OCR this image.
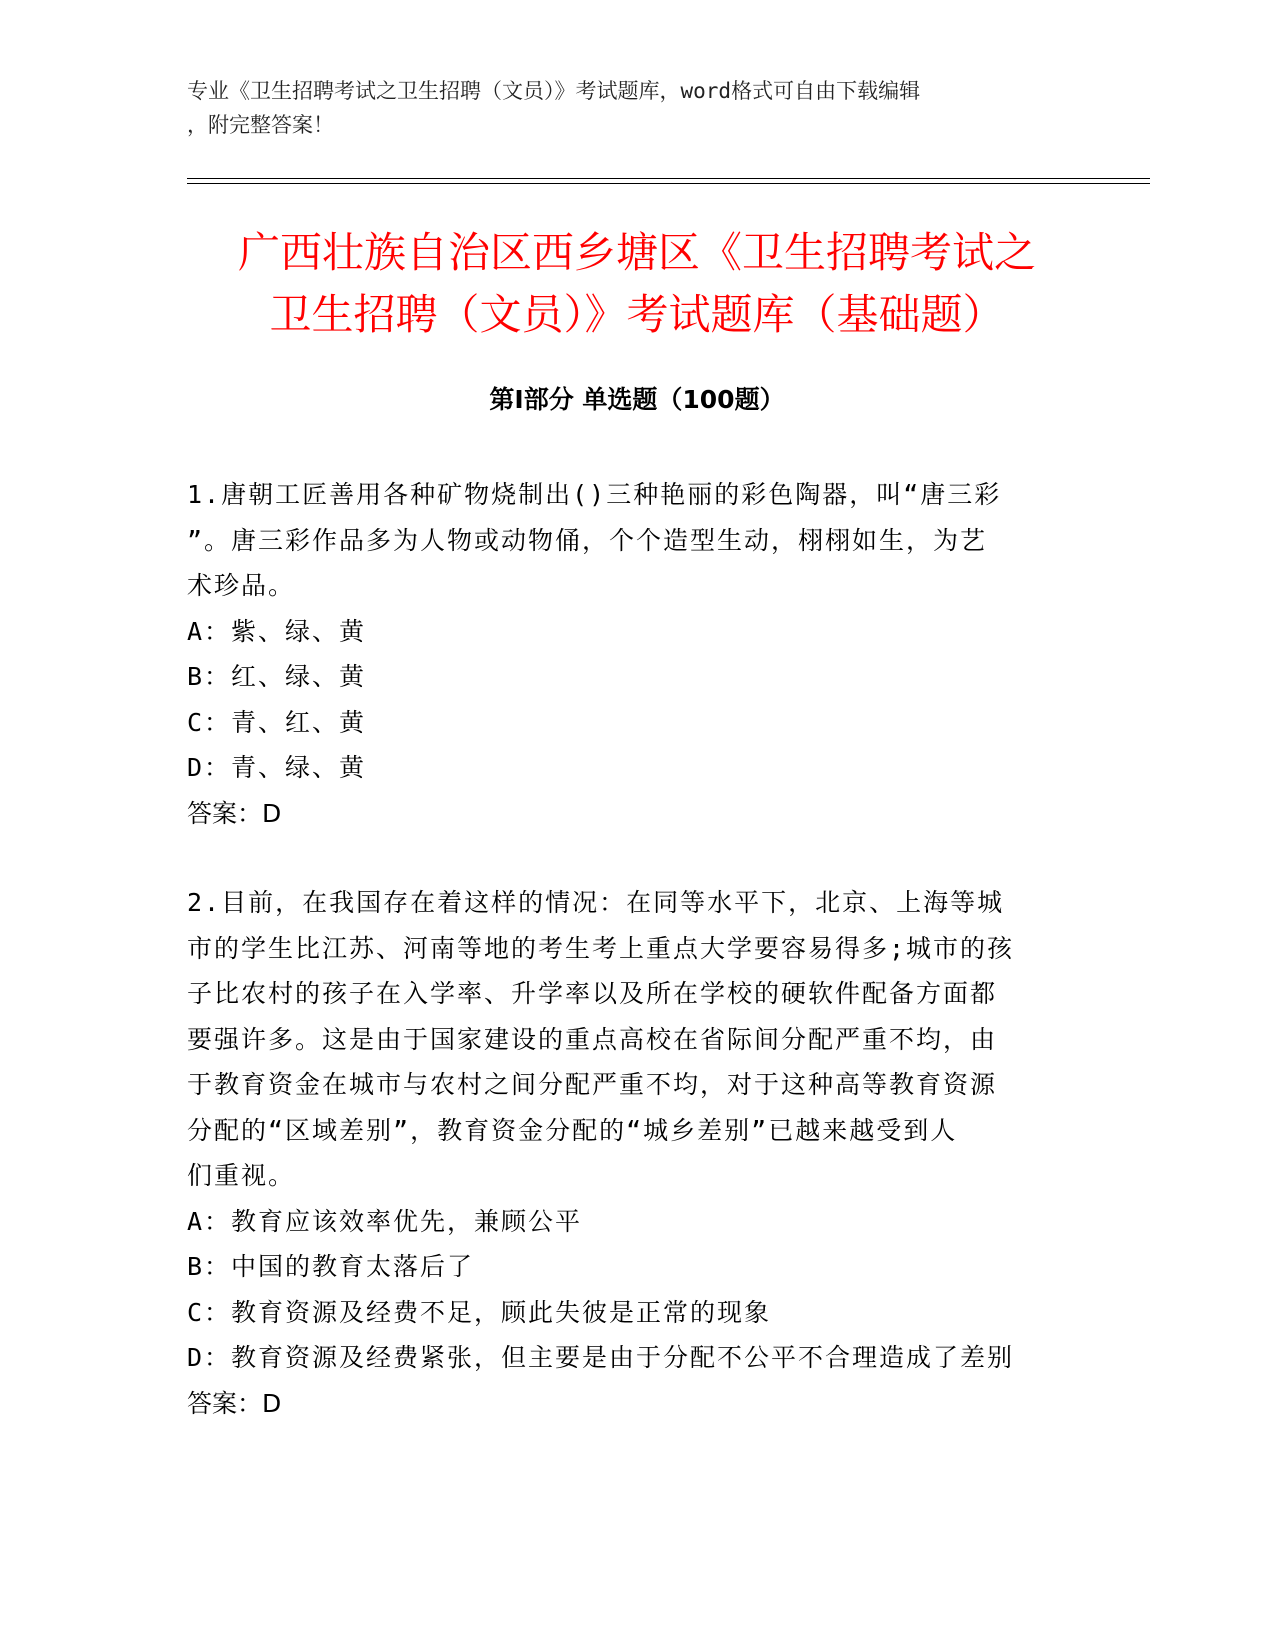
专业《卫生招聘考试之卫生招聘（文员）》考试题库，word格式可自由下载编辑
，附完整答案！
广西壮族自治区西乡塘区《卫生招聘考试之
卫生招聘（文员）》考试题库（基础题）
第Ⅰ部分 单选题（100题）

1.唐朝工匠善用各种矿物烧制出()三种艳丽的彩色陶器，叫“唐三彩

”。唐三彩作品多为人物或动物俑，个个造型生动，栩栩如生，为艺

术珍品。

A：紫、绿、黄

B：红、绿、黄

C：青、红、黄

D：青、绿、黄

答案：D

2.目前，在我国存在着这样的情况：在同等水平下，北京、上海等城

市的学生比江苏、河南等地的考生考上重点大学要容易得多;城市的孩

子比农村的孩子在入学率、升学率以及所在学校的硬软件配备方面都

要强许多。这是由于国家建设的重点高校在省际间分配严重不均，由

于教育资金在城市与农村之间分配严重不均，对于这种高等教育资源

分配的“区域差别”，教育资金分配的“城乡差别”已越来越受到人

们重视。

A：教育应该效率优先，兼顾公平

B：中国的教育太落后了

C：教育资源及经费不足，顾此失彼是正常的现象

D：教育资源及经费紧张，但主要是由于分配不公平不合理造成了差别

答案：D
